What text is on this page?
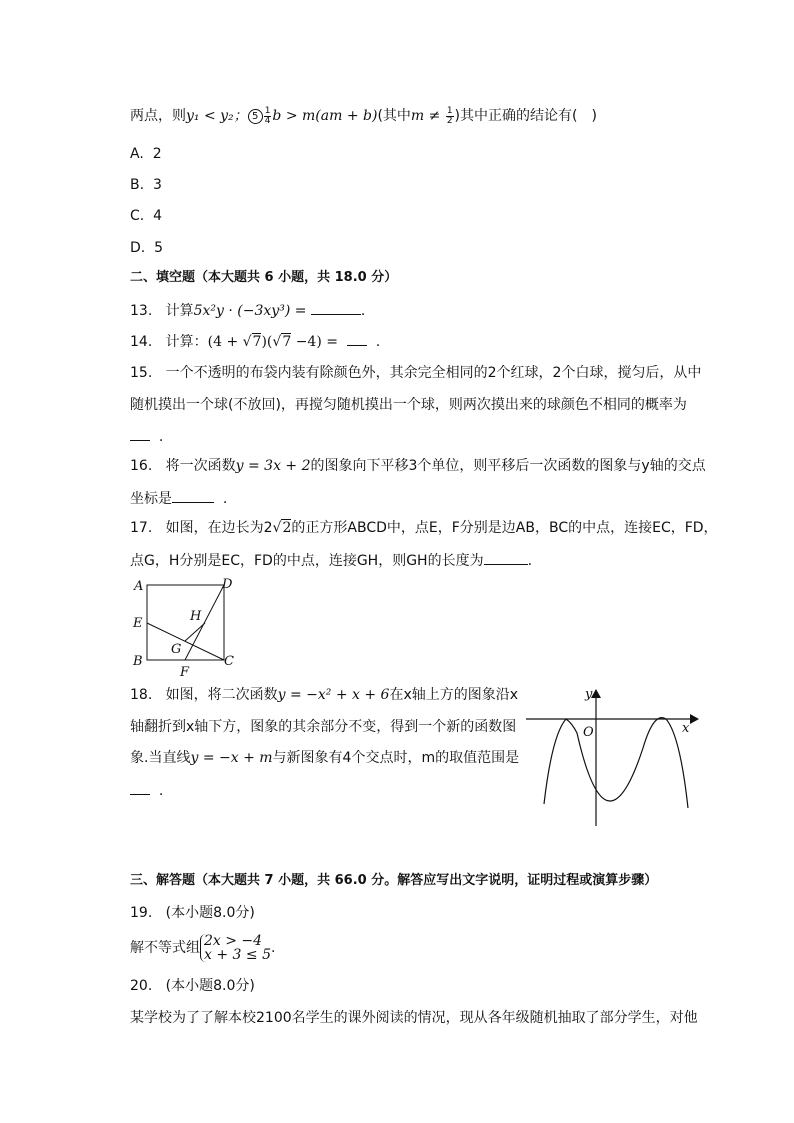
两点，则y₁ < y₂； $5 \frac{1}{4}$ b > m(am + b)(其中$m \ne \frac{1}{2}$ )其中正确的结论有(　)
A. 2
B. 3
C. 4
D. 5
二、填空题（本大题共 6 小题，共 18.0 分）
13. 计算5x²y · (−3xy³) =	.
14. 计算：(4 + √7)(√7 −4) =    .
15. 一个不透明的布袋内装有除颜色外，其余完全相同的2个红球，2个白球，搅匀后，从中
随机摸出一个球(不放回)，再搅匀随机摸出一个球，则两次摸出来的球颜色不相同的概率为
.
16. 将一次函数y = 3x + 2的图象向下平移3个单位，则平移后一次函数的图象与y轴的交点
坐标是	.
17. 如图，在边长为2√2的正方形ABCD中，点E，F分别是边AB，BC的中点，连接EC，FD，
点G，H分别是EC，FD的中点，连接GH，则GH的长度为	.
A	D
E
B	C
F
G
H
18. 如图，将二次函数y = −x² + x + 6在x轴上方的图象沿x
轴翻折到x轴下方，图象的其余部分不变，得到一个新的函数图
象.当直线y = −x + m与新图象有4个交点时，m的取值范围是
.
y
x
O
三、解答题（本大题共 7 小题，共 66.0 分。解答应写出文字说明，证明过程或演算步骤）
19. (本小题8.0分)
解不等式组 2x > −4
x + 3 ≤ 5 .
20. (本小题8.0分)
某学校为了了解本校2100名学生的课外阅读的情况，现从各年级随机抽取了部分学生，对他
